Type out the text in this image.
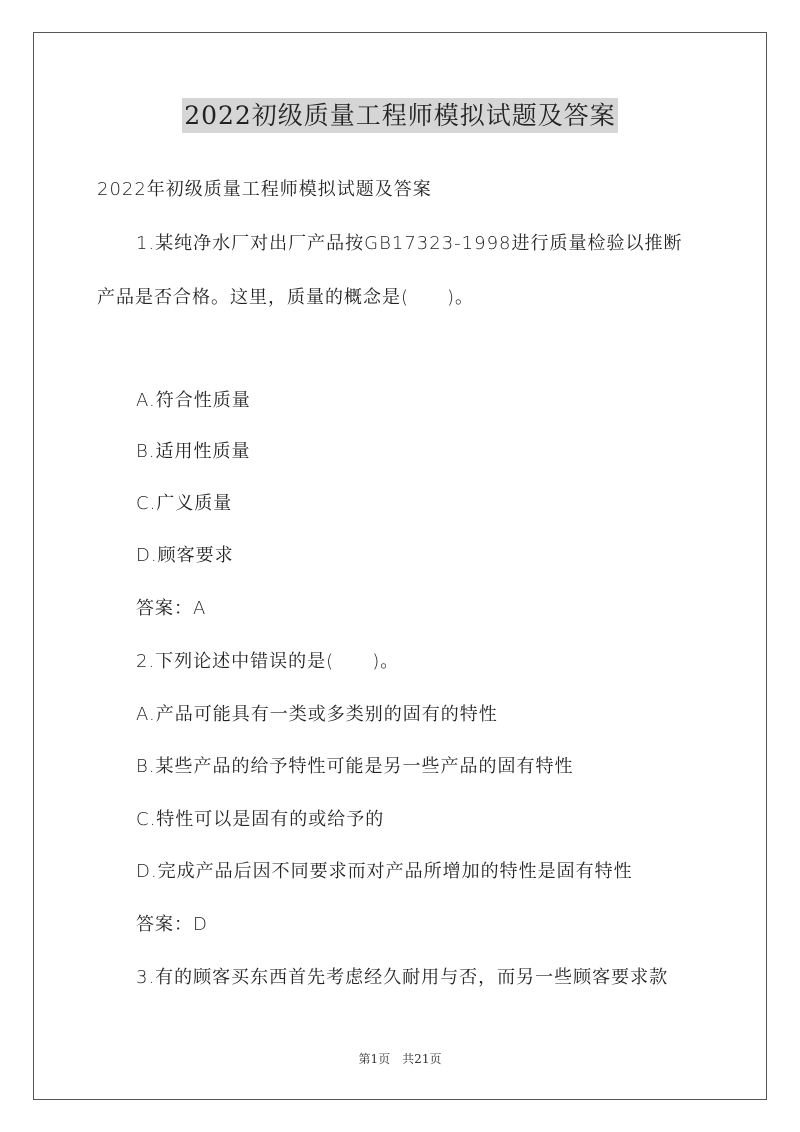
2022初级质量工程师模拟试题及答案
2022年初级质量工程师模拟试题及答案
1.某纯净水厂对出厂产品按GB17323-1998进行质量检验以推断
产品是否合格。这里，质量的概念是(　　)。
A.符合性质量
B.适用性质量
C.广义质量
D.顾客要求
答案：A
2.下列论述中错误的是(　　)。
A.产品可能具有一类或多类别的固有的特性
B.某些产品的给予特性可能是另一些产品的固有特性
C.特性可以是固有的或给予的
D.完成产品后因不同要求而对产品所增加的特性是固有特性
答案：D
3.有的顾客买东西首先考虑经久耐用与否，而另一些顾客要求款
第1页　共21页
